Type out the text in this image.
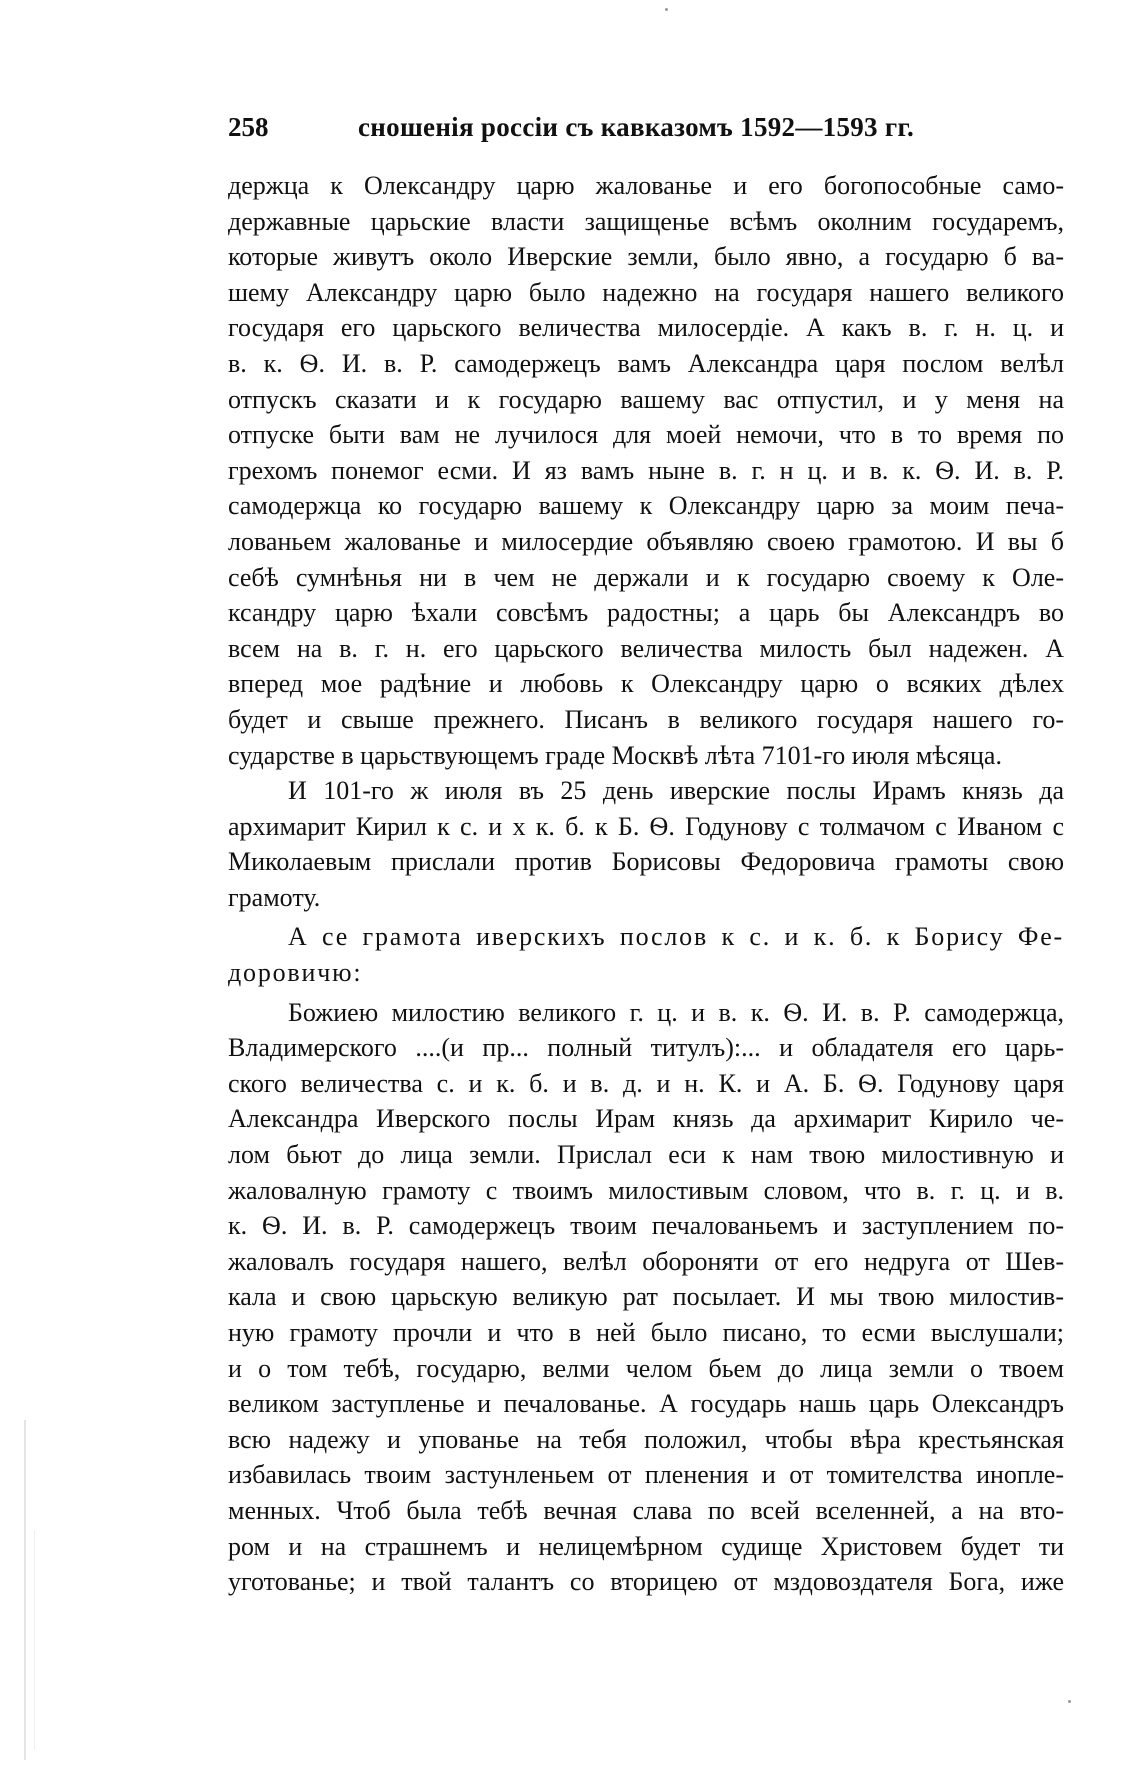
258	сношенія россіи съ кавказомъ 1592—1593 гг.
держца к Олександру царю жалованье и его богопособные само-
державные царьские власти защищенье всѣмъ околним государемъ,
которые живутъ около Иверские земли, было явно, а государю б ва-
шему Александру царю было надежно на государя нашего великого
государя его царьского величества милосердіе. А какъ в. г. н. ц. и
в. к. Ѳ. И. в. Р. самодержецъ вамъ Александра царя послом велѣл
отпускъ сказати и к государю вашему вас отпустил, и у меня на
отпуске быти вам не лучилося для моей немочи, что в то время по
грехомъ понемог есми. И яз вамъ ныне в. г. н ц. и в. к. Ѳ. И. в. Р.
самодержца ко государю вашему к Олександру царю за моим печа-
лованьем жалованье и милосердие объявляю своею грамотою. И вы б
себѣ сумнѣнья ни в чем не держали и к государю своему к Оле-
ксандру царю ѣхали совсѣмъ радостны; а царь бы Александръ во
всем на в. г. н. его царьского величества милость был надежен. А
вперед мое радѣние и любовь к Олександру царю о всяких дѣлех
будет и свыше прежнего. Писанъ в великого государя нашего го-
сударстве в царьствующемъ граде Москвѣ лѣта 7101-го июля мѣсяца.
И 101-го ж июля въ 25 день иверские послы Ирамъ князь да
архимарит Кирил к с. и х к. б. к Б. Ѳ. Годунову с толмачом с Иваном с
Миколаевым прислали против Борисовы Федоровича грамоты свою
грамоту.
А се грамота иверскихъ послов к с. и к. б. к Борису Фе-
доровичю:
Божиею милостию великого г. ц. и в. к. Ѳ. И. в. Р. самодержца,
Владимерского ....(и пр... полный титулъ):... и обладателя его царь-
ского величества с. и к. б. и в. д. и н. К. и А. Б. Ѳ. Годунову царя
Александра Иверского послы Ирам князь да архимарит Кирило че-
лом бьют до лица земли. Прислал еси к нам твою милостивную и
жаловалную грамоту с твоимъ милостивым словом, что в. г. ц. и в.
к. Ѳ. И. в. Р. самодержецъ твоим печалованьемъ и заступлением по-
жаловалъ государя нашего, велѣл обороняти от его недруга от Шев-
кала и свою царьскую великую рат посылает. И мы твою милостив-
ную грамоту прочли и что в ней было писано, то есми выслушали;
и о том тебѣ, государю, велми челом бьем до лица земли о твоем
великом заступленье и печалованье. А государь нашь царь Олександръ
всю надежу и упованье на тебя положил, чтобы вѣра крестьянская
избавилась твоим застунленьем от пленения и от томителства иноплe-
менных. Чтоб была тебѣ вечная слава по всей вселенней, а на вто-
ром и на страшнемъ и нелицемѣрном судище Христовем будет ти
уготованье; и твой талантъ со вторицею от мздовоздателя Бога, иже
